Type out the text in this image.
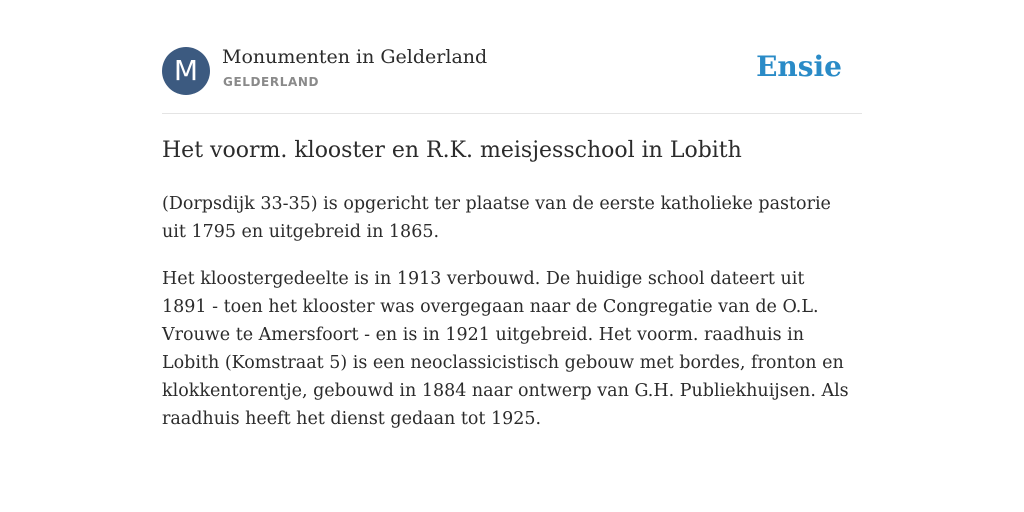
M	Monumenten in Gelderland
GELDERLAND	Ensie
Het voorm. klooster en R.K. meisjesschool in Lobith

(Dorpsdijk 33-35) is opgericht ter plaatse van de eerste katholieke pastorie uit 1795 en uitgebreid in 1865.

Het kloostergedeelte is in 1913 verbouwd. De huidige school dateert uit 1891 - toen het klooster was overgegaan naar de Congregatie van de O.L. Vrouwe te Amersfoort - en is in 1921 uitgebreid. Het voorm. raadhuis in Lobith (Komstraat 5) is een neoclassicistisch gebouw met bordes, fronton en klokkentorentje, gebouwd in 1884 naar ontwerp van G.H. Publiekhuijsen. Als raadhuis heeft het dienst gedaan tot 1925.
